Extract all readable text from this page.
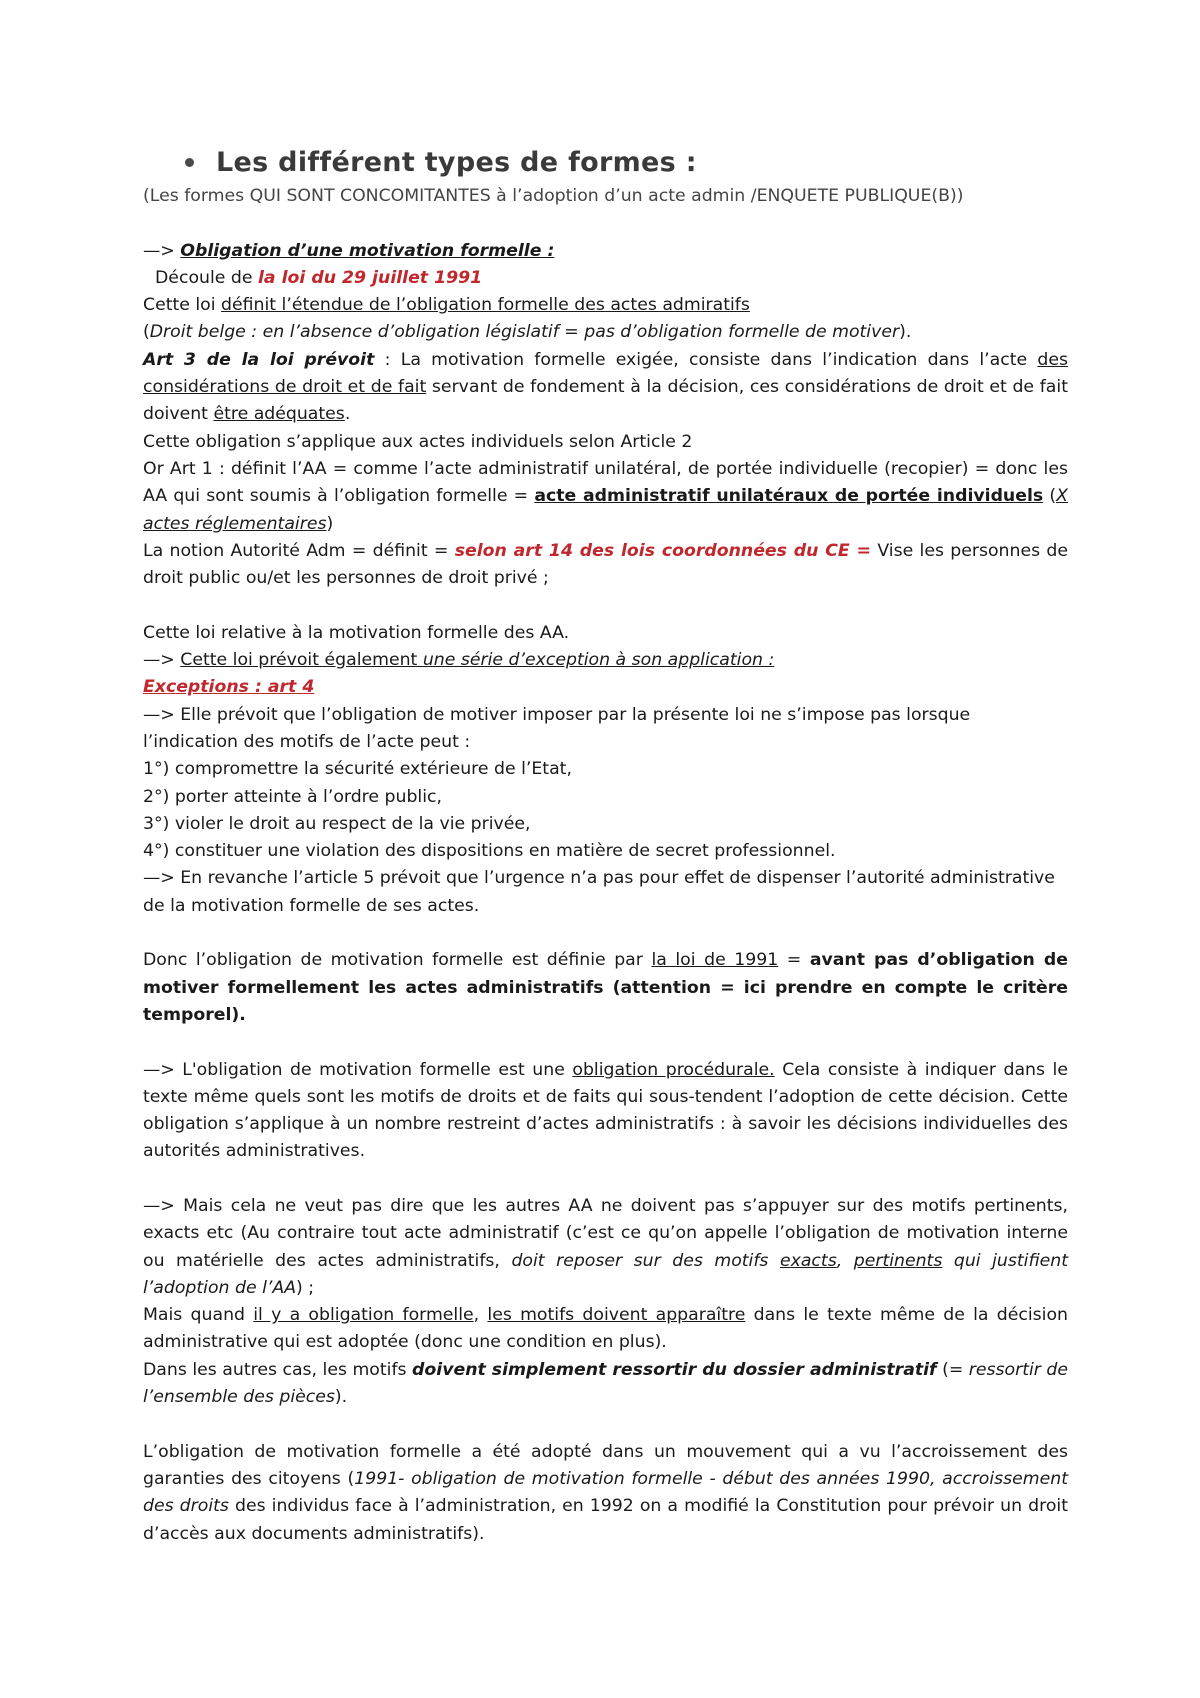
Les différent types de formes :

(Les formes QUI SONT CONCOMITANTES à l’adoption d’un acte admin /ENQUETE PUBLIQUE(B))

—> Obligation d’une motivation formelle :

Découle de la loi du 29 juillet 1991

Cette loi définit l’étendue de l’obligation formelle des actes admiratifs

(Droit belge : en l’absence d’obligation législatif = pas d’obligation formelle de motiver).

Art 3 de la loi prévoit : La motivation formelle exigée, consiste dans l’indication dans l’acte des considérations de droit et de fait servant de fondement à la décision, ces considérations de droit et de fait doivent être adéquates.

Cette obligation s’applique aux actes individuels selon Article 2

Or Art 1 : définit l’AA = comme l’acte administratif unilatéral, de portée individuelle (recopier) = donc les AA qui sont soumis à l’obligation formelle = acte administratif unilatéraux de portée individuels (X actes réglementaires)

La notion Autorité Adm = définit = selon art 14 des lois coordonnées du CE = Vise les personnes de droit public ou/et les personnes de droit privé ;

Cette loi relative à la motivation formelle des AA.

—> Cette loi prévoit également une série d’exception à son application :

Exceptions : art 4

—> Elle prévoit que l’obligation de motiver imposer par la présente loi ne s’impose pas lorsque l’indication des motifs de l’acte peut :

1°) compromettre la sécurité extérieure de l’Etat,

2°) porter atteinte à l’ordre public,

3°) violer le droit au respect de la vie privée,

4°) constituer une violation des dispositions en matière de secret professionnel.

—> En revanche l’article 5 prévoit que l’urgence n’a pas pour effet de dispenser l’autorité administrative de la motivation formelle de ses actes.

Donc l’obligation de motivation formelle est définie par la loi de 1991 = avant pas d’obligation de motiver formellement les actes administratifs (attention = ici prendre en compte le critère temporel).

—> L'obligation de motivation formelle est une obligation procédurale. Cela consiste à indiquer dans le texte même quels sont les motifs de droits et de faits qui sous-tendent l’adoption de cette décision. Cette obligation s’applique à un nombre restreint d’actes administratifs : à savoir les décisions individuelles des autorités administratives.

—> Mais cela ne veut pas dire que les autres AA ne doivent pas s’appuyer sur des motifs pertinents, exacts etc (Au contraire tout acte administratif (c’est ce qu’on appelle l’obligation de motivation interne ou matérielle des actes administratifs, doit reposer sur des motifs exacts, pertinents qui justifient l’adoption de l’AA) ;

Mais quand il y a obligation formelle, les motifs doivent apparaître dans le texte même de la décision administrative qui est adoptée (donc une condition en plus).

Dans les autres cas, les motifs doivent simplement ressortir du dossier administratif (= ressortir de l’ensemble des pièces).

L’obligation de motivation formelle a été adopté dans un mouvement qui a vu l’accroissement des garanties des citoyens (1991- obligation de motivation formelle - début des années 1990, accroissement des droits des individus face à l’administration, en 1992 on a modifié la Constitution pour prévoir un droit d’accès aux documents administratifs).
